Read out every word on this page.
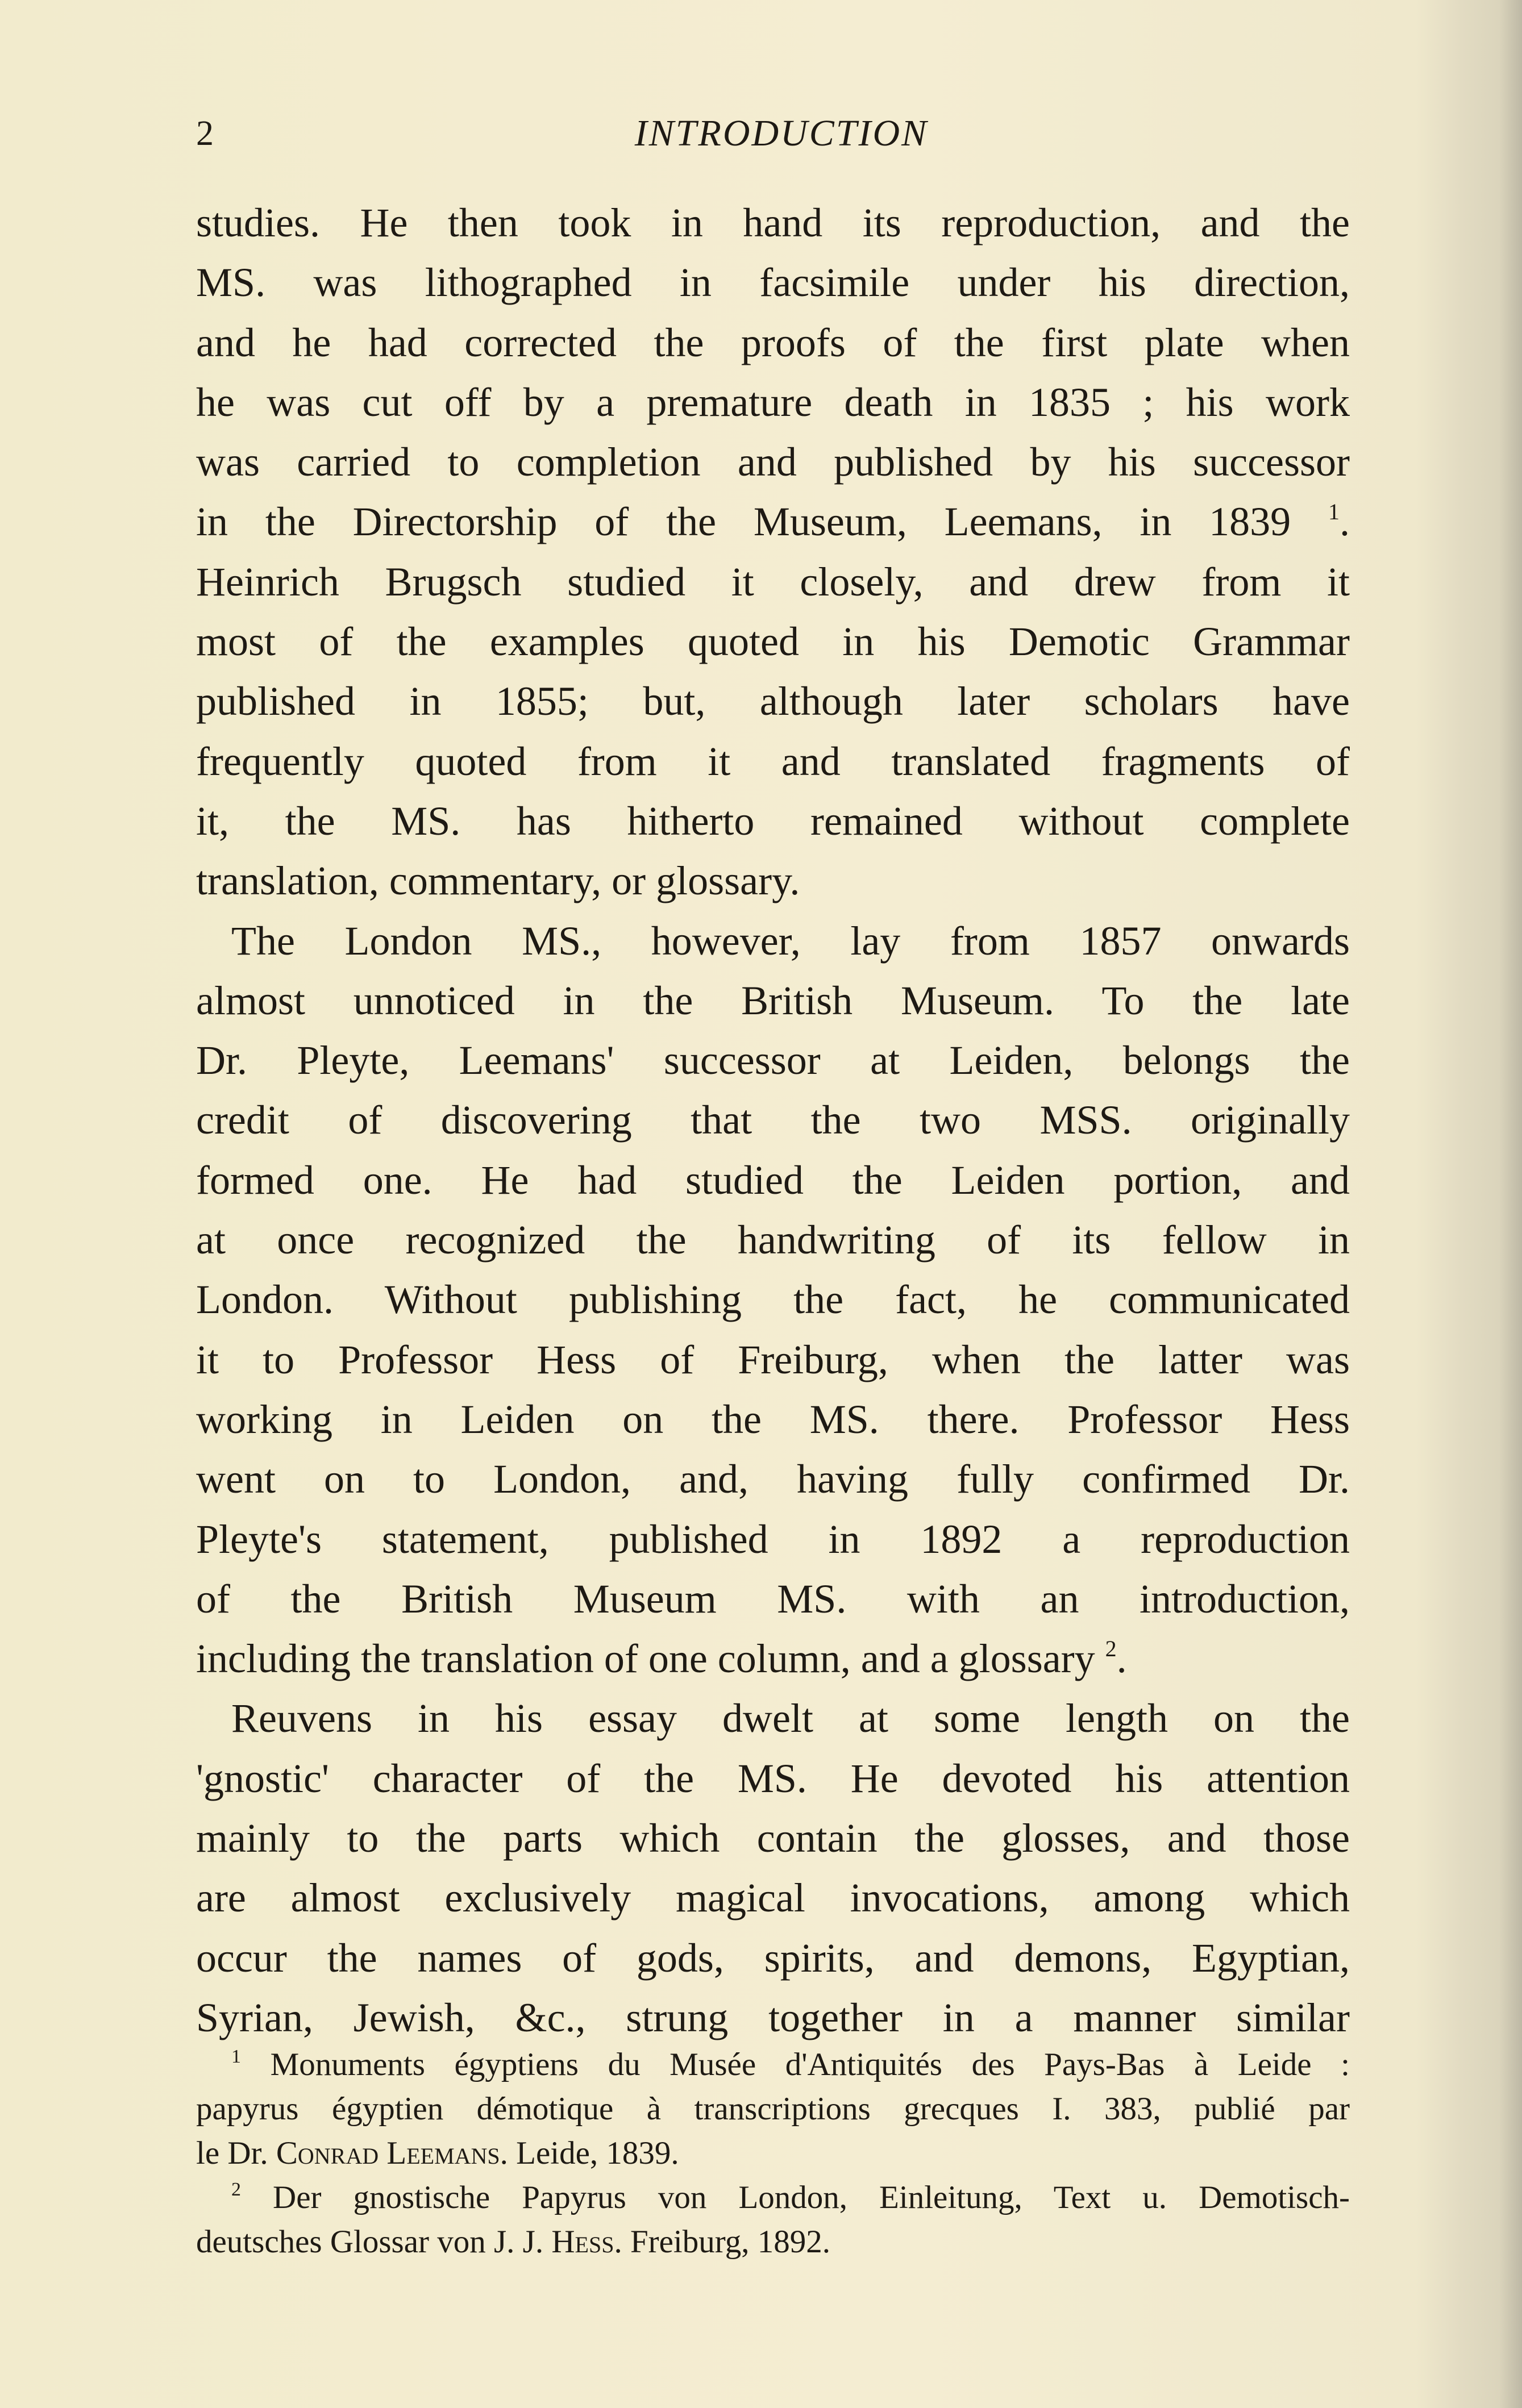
2	INTRODUCTION
studies. He then took in hand its reproduction, and the
MS. was lithographed in facsimile under his direction,
and he had corrected the proofs of the first plate when
he was cut off by a premature death in 1835 ; his work
was carried to completion and published by his successor
in the Directorship of the Museum, Leemans, in 1839 $^1$.
Heinrich Brugsch studied it closely, and drew from it
most of the examples quoted in his Demotic Grammar
published in 1855; but, although later scholars have
frequently quoted from it and translated fragments of
it, the MS. has hitherto remained without complete
translation, commentary, or glossary.
The London MS., however, lay from 1857 onwards
almost unnoticed in the British Museum. To the late
Dr. Pleyte, Leemans' successor at Leiden, belongs the
credit of discovering that the two MSS. originally
formed one. He had studied the Leiden portion, and
at once recognized the handwriting of its fellow in
London. Without publishing the fact, he communicated
it to Professor Hess of Freiburg, when the latter was
working in Leiden on the MS. there. Professor Hess
went on to London, and, having fully confirmed Dr.
Pleyte's statement, published in 1892 a reproduction
of the British Museum MS. with an introduction,
including the translation of one column, and a glossary $^2$.
Reuvens in his essay dwelt at some length on the
'gnostic' character of the MS. He devoted his attention
mainly to the parts which contain the glosses, and those
are almost exclusively magical invocations, among which
occur the names of gods, spirits, and demons, Egyptian,
Syrian, Jewish, &c., strung together in a manner similar
$^1$ Monuments égyptiens du Musée d'Antiquités des Pays-Bas à Leide :
papyrus égyptien démotique à transcriptions grecques I. 383, publié par
le Dr. Conrad Leemans. Leide, 1839.
$^2$ Der gnostische Papyrus von London, Einleitung, Text u. Demotisch-
deutsches Glossar von J. J. Hess. Freiburg, 1892.
